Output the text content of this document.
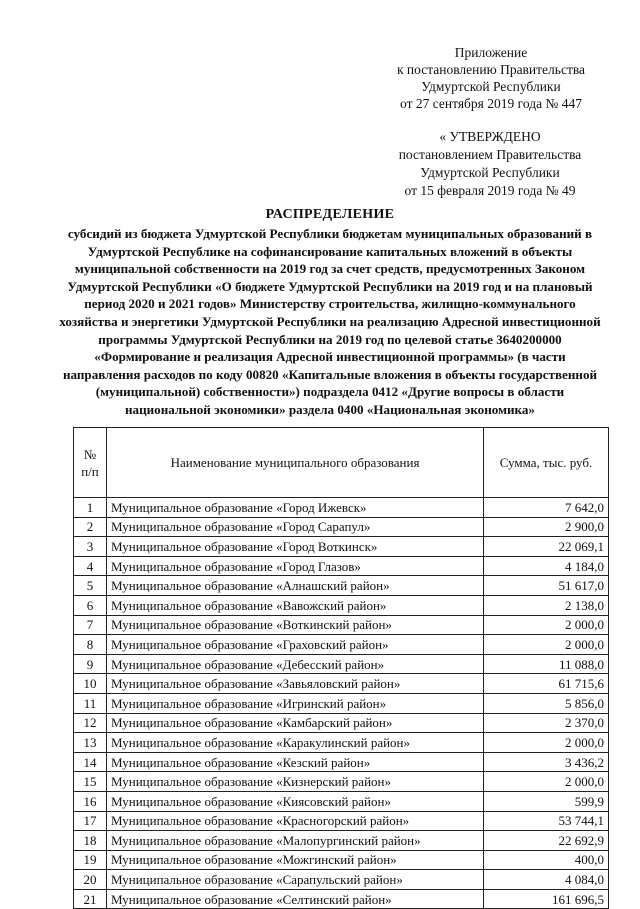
Приложение
к постановлению Правительства
Удмуртской Республики
от 27 сентября 2019 года № 447
« УТВЕРЖДЕНО
постановлением Правительства
Удмуртской Республики
от 15 февраля 2019 года № 49
РАСПРЕДЕЛЕНИЕ
субсидий из бюджета Удмуртской Республики бюджетам муниципальных образований в Удмуртской Республике на софинансирование капитальных вложений в объекты муниципальной собственности на 2019 год за счет средств, предусмотренных Законом Удмуртской Республики «О бюджете Удмуртской Республики на 2019 год и на плановый период 2020 и 2021 годов» Министерству строительства, жилищно-коммунального хозяйства и энергетики Удмуртской Республики на реализацию Адресной инвестиционной программы Удмуртской Республики на 2019 год по целевой статье 3640200000 «Формирование и реализация Адресной инвестиционной программы» (в части направления расходов по коду 00820 «Капитальные вложения в объекты государственной (муниципальной) собственности») подраздела 0412 «Другие вопросы в области национальной экономики» раздела 0400 «Национальная экономика»
№
п/п	Наименование муниципального образования	Сумма, тыс. руб.
1	Муниципальное образование «Город Ижевск»	7 642,0
2	Муниципальное образование «Город Сарапул»	2 900,0
3	Муниципальное образование «Город Воткинск»	22 069,1
4	Муниципальное образование «Город Глазов»	4 184,0
5	Муниципальное образование «Алнашский район»	51 617,0
6	Муниципальное образование «Вавожский район»	2 138,0
7	Муниципальное образование «Воткинский район»	2 000,0
8	Муниципальное образование «Граховский район»	2 000,0
9	Муниципальное образование «Дебесский район»	11 088,0
10	Муниципальное образование «Завьяловский район»	61 715,6
11	Муниципальное образование «Игринский район»	5 856,0
12	Муниципальное образование «Камбарский район»	2 370,0
13	Муниципальное образование «Каракулинский район»	2 000,0
14	Муниципальное образование «Кезский район»	3 436,2
15	Муниципальное образование «Кизнерский район»	2 000,0
16	Муниципальное образование «Киясовский район»	599,9
17	Муниципальное образование «Красногорский район»	53 744,1
18	Муниципальное образование «Малопургинский район»	22 692,9
19	Муниципальное образование «Можгинский район»	400,0
20	Муниципальное образование «Сарапульский район»	4 084,0
21	Муниципальное образование «Селтинский район»	161 696,5
